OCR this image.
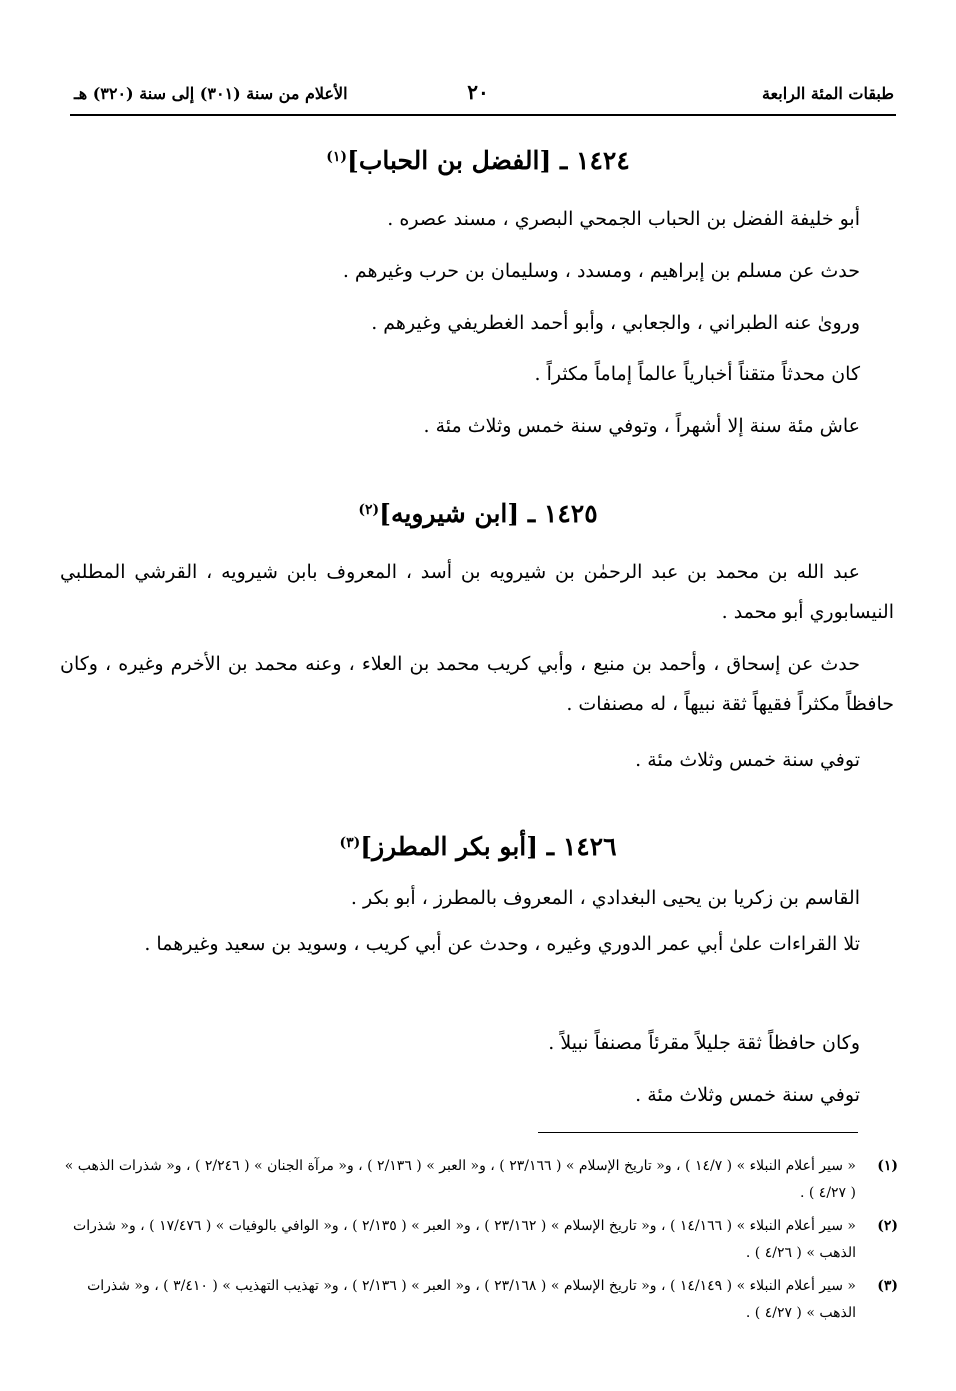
طبقات المئة الرابعة
٢٠
الأعلام من سنة (٣٠١) إلى سنة (٣٢٠) هـ
١٤٢٤ ـ [الفضل بن الحباب]$^{(١)}$
أبو خليفة الفضل بن الحباب الجمحي البصري ، مسند عصره .
حدث عن مسلم بن إبراهيم ، ومسدد ، وسليمان بن حرب وغيرهم .
وروىٰ عنه الطبراني ، والجعابي ، وأبو أحمد الغطريفي وغيرهم .
كان محدثاً متقناً أخبارياً عالماً إماماً مكثراً .
عاش مئة سنة إلا أشهراً ، وتوفي سنة خمس وثلاث مئة .
١٤٢٥ ـ [ابن شيرويه]$^{(٢)}$
عبد الله بن محمد بن عبد الرحمٰن بن شيرويه بن أسد ، المعروف بابن شيرويه ، القرشي المطلبي النيسابوري أبو محمد .
حدث عن إسحاق ، وأحمد بن منيع ، وأبي كريب محمد بن العلاء ، وعنه محمد بن الأخرم وغيره ، وكان حافظاً مكثراً فقيهاً ثقة نبيهاً ، له مصنفات .
توفي سنة خمس وثلاث مئة .
١٤٢٦ ـ [أبو بكر المطرز]$^{(٣)}$
القاسم بن زكريا بن يحيى البغدادي ، المعروف بالمطرز ، أبو بكر .
تلا القراءات علىٰ أبي عمر الدوري وغيره ، وحدث عن أبي كريب ، وسويد بن سعيد وغيرهما .
وكان حافظاً ثقة جليلاً مقرئاً مصنفاً نبيلاً .
توفي سنة خمس وثلاث مئة .
(١)
« سير أعلام النبلاء » ( ١٤/٧ ) ، و« تاريخ الإسلام » ( ٢٣/١٦٦ ) ، و« العبر » ( ٢/١٣٦ ) ، و« مرآة الجنان » ( ٢/٢٤٦ ) ، و« شذرات الذهب » ( ٤/٢٧ ) .
(٢)
« سير أعلام النبلاء » ( ١٤/١٦٦ ) ، و« تاريخ الإسلام » ( ٢٣/١٦٢ ) ، و« العبر » ( ٢/١٣٥ ) ، و« الوافي بالوفيات » ( ١٧/٤٧٦ ) ، و« شذرات الذهب » ( ٤/٢٦ ) .
(٣)
« سير أعلام النبلاء » ( ١٤/١٤٩ ) ، و« تاريخ الإسلام » ( ٢٣/١٦٨ ) ، و« العبر » ( ٢/١٣٦ ) ، و« تهذيب التهذيب » ( ٣/٤١٠ ) ، و« شذرات الذهب » ( ٤/٢٧ ) .
